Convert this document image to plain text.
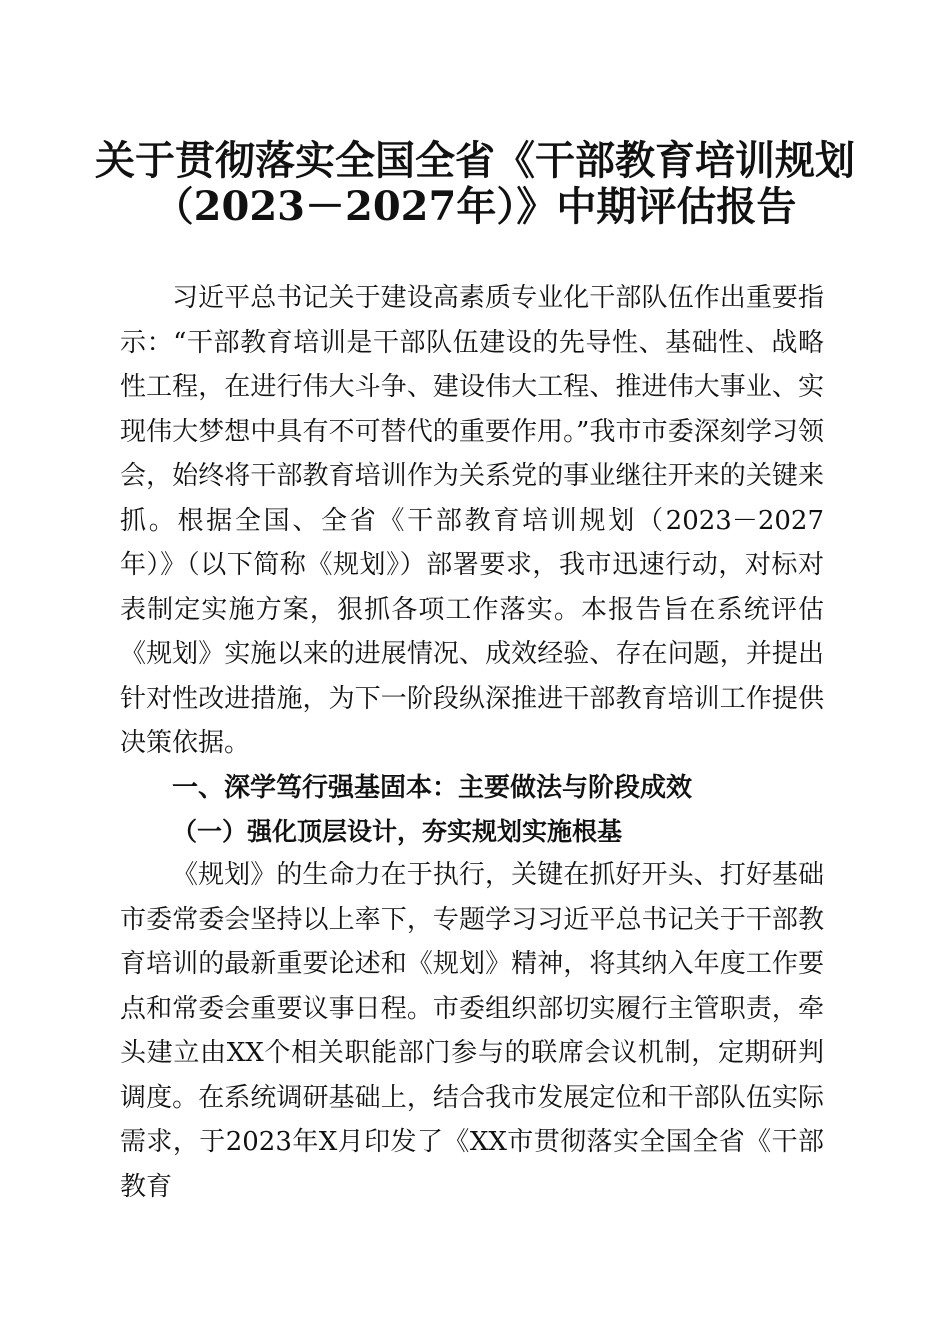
关于贯彻落实全国全省《干部教育培训规划
（2023－2027年）》中期评估报告

习近平总书记关于建设高素质专业化干部队伍作出重要指示：“干部教育培训是干部队伍建设的先导性、基础性、战略性工程，在进行伟大斗争、建设伟大工程、推进伟大事业、实现伟大梦想中具有不可替代的重要作用。”我市市委深刻学习领会，始终将干部教育培训作为关系党的事业继往开来的关键来抓。根据全国、全省《干部教育培训规划（2023－2027年）》（以下简称《规划》）部署要求，我市迅速行动，对标对表制定实施方案，狠抓各项工作落实。本报告旨在系统评估《规划》实施以来的进展情况、成效经验、存在问题，并提出针对性改进措施，为下一阶段纵深推进干部教育培训工作提供决策依据。

一、深学笃行强基固本：主要做法与阶段成效
（一）强化顶层设计，夯实规划实施根基

《规划》的生命力在于执行，关键在抓好开头、打好基础市委常委会坚持以上率下，专题学习习近平总书记关于干部教育培训的最新重要论述和《规划》精神，将其纳入年度工作要点和常委会重要议事日程。市委组织部切实履行主管职责，牵头建立由XX个相关职能部门参与的联席会议机制，定期研判调度。在系统调研基础上，结合我市发展定位和干部队伍实际需求，于2023年X月印发了《XX市贯彻落实全国全省《干部教育
